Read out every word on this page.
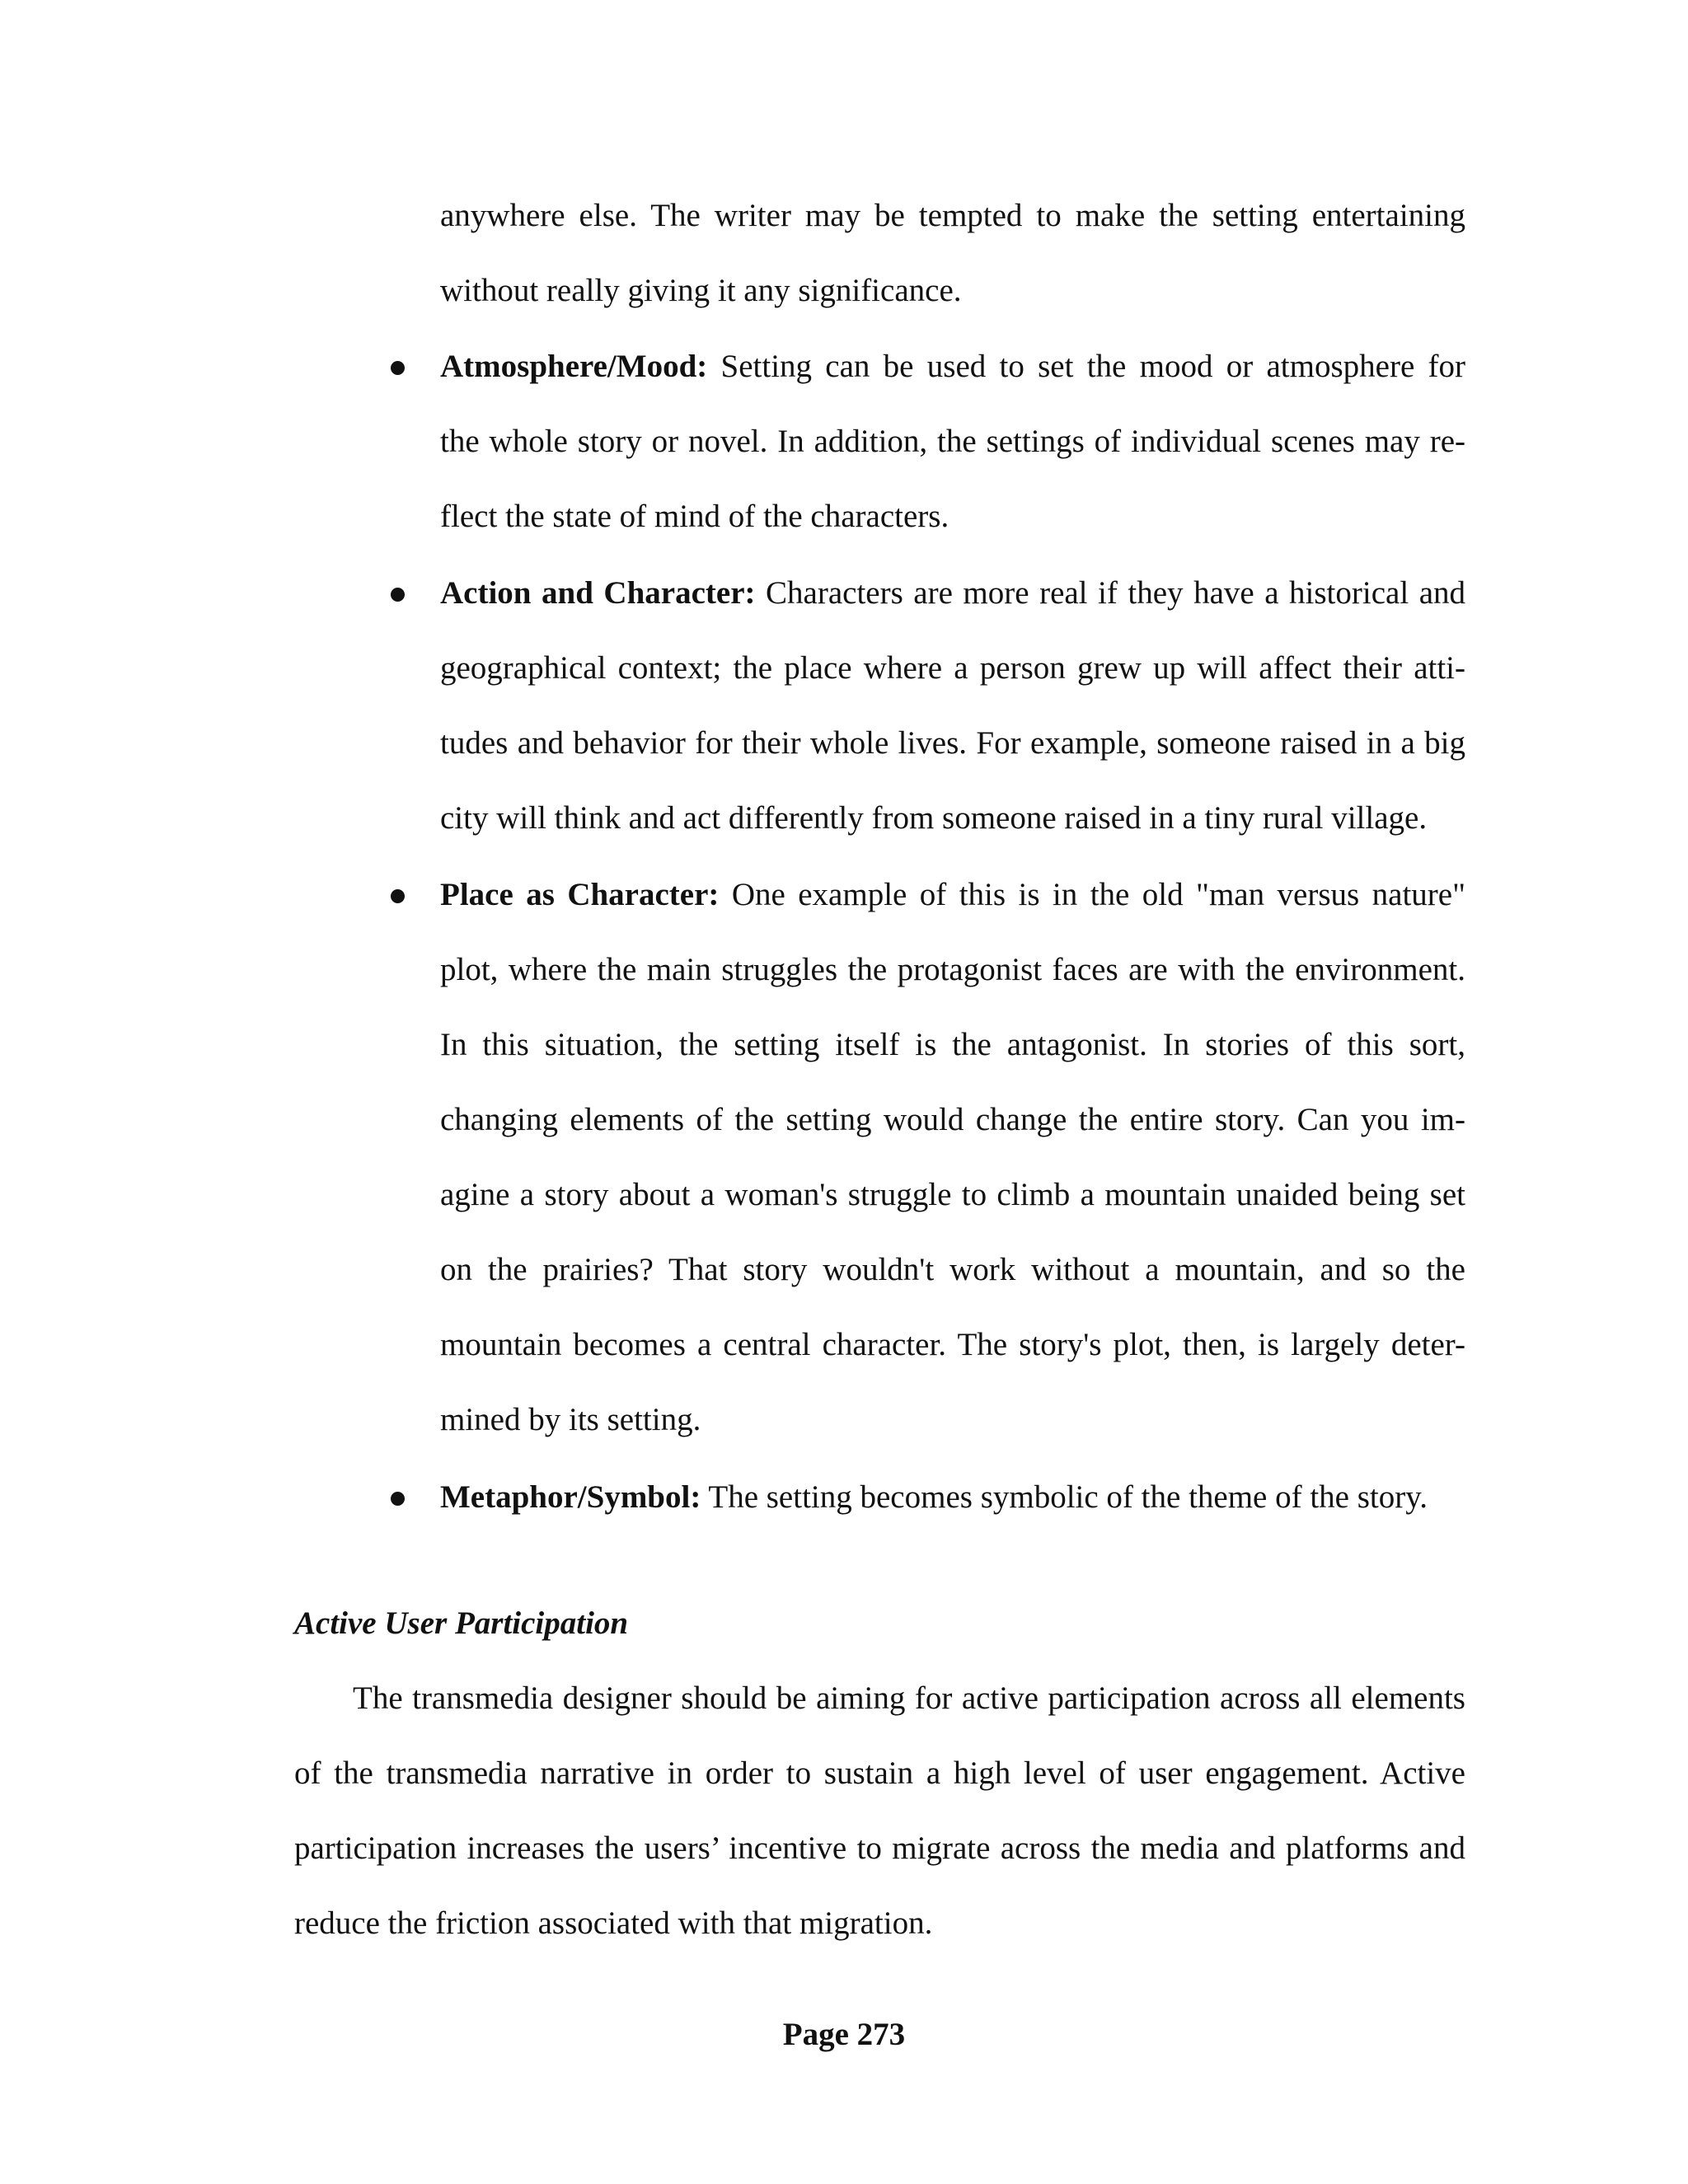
anywhere else. The writer may be tempted to make the setting entertaining
without really giving it any significance.
Atmosphere/Mood: Setting can be used to set the mood or atmosphere for
the whole story or novel. In addition, the settings of individual scenes may re-
flect the state of mind of the characters.
Action and Character: Characters are more real if they have a historical and
geographical context; the place where a person grew up will affect their atti-
tudes and behavior for their whole lives. For example, someone raised in a big
city will think and act differently from someone raised in a tiny rural village.
Place as Character: One example of this is in the old "man versus nature"
plot, where the main struggles the protagonist faces are with the environment.
In this situation, the setting itself is the antagonist. In stories of this sort,
changing elements of the setting would change the entire story. Can you im-
agine a story about a woman's struggle to climb a mountain unaided being set
on the prairies? That story wouldn't work without a mountain, and so the
mountain becomes a central character. The story's plot, then, is largely deter-
mined by its setting.
Metaphor/Symbol: The setting becomes symbolic of the theme of the story.
Active User Participation
The transmedia designer should be aiming for active participation across all elements
of the transmedia narrative in order to sustain a high level of user engagement. Active
participation increases the users’ incentive to migrate across the media and platforms and
reduce the friction associated with that migration.
Page 273
